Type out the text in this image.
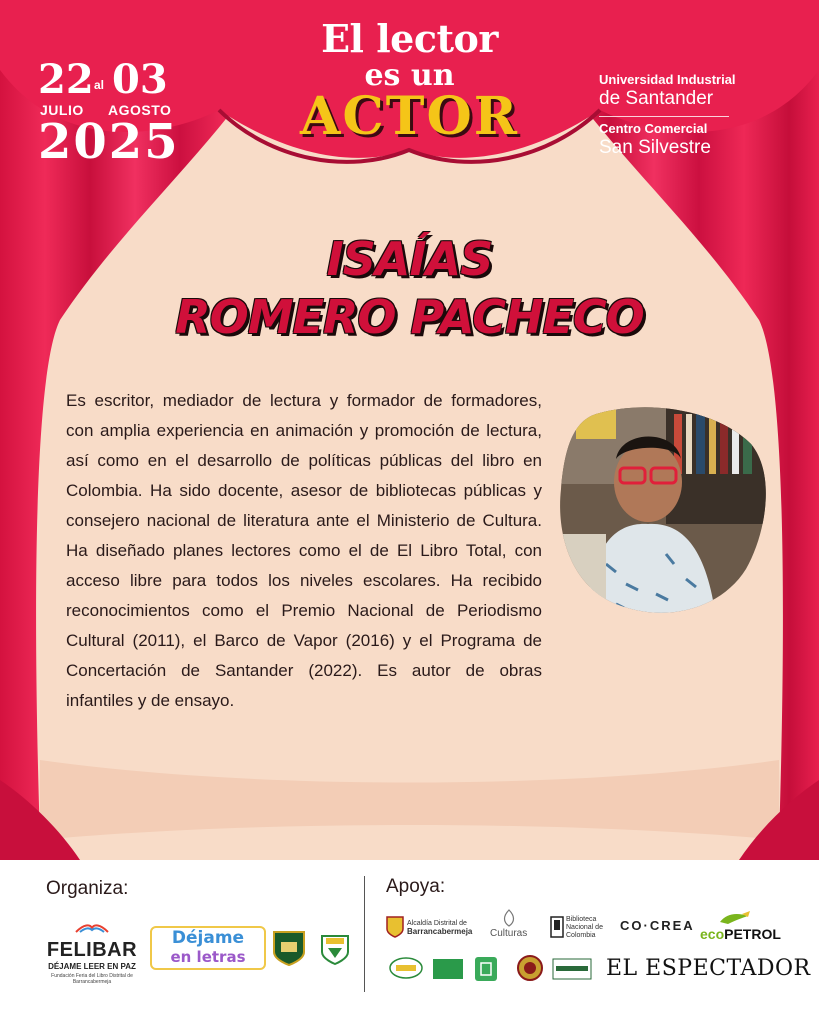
El lector
es un
ACTOR
22 al 03
JULIO AGOSTO
2025
Universidad Industrial
de Santander
Centro Comercial
San Silvestre
ISAÍAS
ROMERO PACHECO

Es escritor, mediador de lectura y formador de formadores, con amplia experiencia en animación y promoción de lectura, así como en el desarrollo de políticas públicas del libro en Colombia. Ha sido docente, asesor de bibliotecas públicas y consejero nacional de literatura ante el Ministerio de Cultura. Ha diseñado planes lectores como el de El Libro Total, con acceso libre para todos los niveles escolares. Ha recibido reconocimientos como el Premio Nacional de Periodismo Cultural (2011), el Barco de Vapor (2016) y el Programa de Concertación de Santander (2022). Es autor de obras infantiles y de ensayo.

Organiza:	Apoya:
FELIBAR
DÉJAME LEER EN PAZ
Fundación Feria del Libro Distrital de Barrancabermeja
Déjame
en letras
Alcaldía Distrital de
Barrancabermeja	Culturas
Biblioteca
Nacional de
Colombia
CO·CREA
ecoPETROL
EL ESPECTADOR
